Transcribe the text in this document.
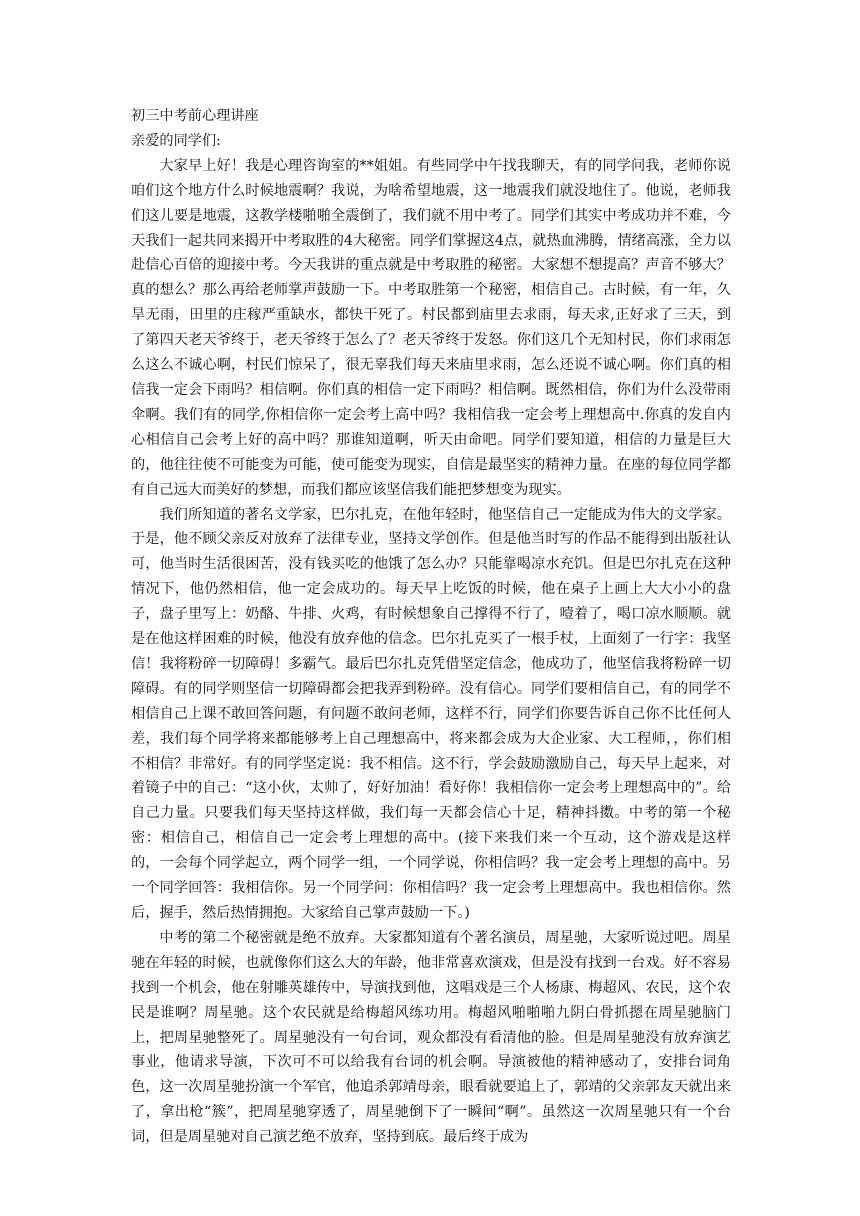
初三中考前心理讲座

亲爱的同学们:

大家早上好！我是心理咨询室的**姐姐。有些同学中午找我聊天，有的同学问我，老师你说咱们这个地方什么时候地震啊？我说，为啥希望地震，这一地震我们就没地住了。他说，老师我们这儿要是地震，这教学楼啪啪全震倒了，我们就不用中考了。同学们其实中考成功并不难，今天我们一起共同来揭开中考取胜的4大秘密。同学们掌握这4点，就热血沸腾，情绪高涨，全力以赴信心百倍的迎接中考。今天我讲的重点就是中考取胜的秘密。大家想不想提高？声音不够大？真的想么？那么再给老师掌声鼓励一下。中考取胜第一个秘密，相信自己。古时候，有一年，久旱无雨，田里的庄稼严重缺水，都快干死了。村民都到庙里去求雨，每天求,正好求了三天，到了第四天老天爷终于，老天爷终于怎么了？老天爷终于发怒。你们这几个无知村民，你们求雨怎么这么不诚心啊，村民们惊呆了，很无辜我们每天来庙里求雨，怎么还说不诚心啊。你们真的相信我一定会下雨吗？相信啊。你们真的相信一定下雨吗？相信啊。既然相信，你们为什么没带雨伞啊。我们有的同学,你相信你一定会考上高中吗？我相信我一定会考上理想高中.你真的发自内心相信自己会考上好的高中吗？那谁知道啊，听天由命吧。同学们要知道，相信的力量是巨大的，他往往使不可能变为可能，使可能变为现实，自信是最坚实的精神力量。在座的每位同学都有自己远大而美好的梦想，而我们都应该坚信我们能把梦想变为现实。

我们所知道的著名文学家，巴尔扎克，在他年轻时，他坚信自己一定能成为伟大的文学家。于是，他不顾父亲反对放弃了法律专业，坚持文学创作。但是他当时写的作品不能得到出版社认可，他当时生活很困苦，没有钱买吃的他饿了怎么办？只能靠喝凉水充饥。但是巴尔扎克在这种情况下，他仍然相信，他一定会成功的。每天早上吃饭的时候，他在桌子上画上大大小小的盘子，盘子里写上：奶酪、牛排、火鸡，有时候想象自己撑得不行了，噎着了，喝口凉水顺顺。就是在他这样困难的时候，他没有放弃他的信念。巴尔扎克买了一根手杖，上面刻了一行字：我坚信！我将粉碎一切障碍！多霸气。最后巴尔扎克凭借坚定信念，他成功了，他坚信我将粉碎一切障碍。有的同学则坚信一切障碍都会把我弄到粉碎。没有信心。同学们要相信自己，有的同学不相信自己上课不敢回答问题，有问题不敢问老师，这样不行，同学们你要告诉自己你不比任何人差，我们每个同学将来都能够考上自己理想高中，将来都会成为大企业家、大工程师，，你们相不相信？非常好。有的同学坚定说：我不相信。这不行，学会鼓励激励自己，每天早上起来，对着镜子中的自己：“这小伙，太帅了，好好加油！看好你！我相信你一定会考上理想高中的”。给自己力量。只要我们每天坚持这样做，我们每一天都会信心十足，精神抖擞。中考的第一个秘密：相信自己，相信自己一定会考上理想的高中。(接下来我们来一个互动，这个游戏是这样的，一会每个同学起立，两个同学一组，一个同学说，你相信吗？我一定会考上理想的高中。另一个同学回答：我相信你。另一个同学问：你相信吗？我一定会考上理想高中。我也相信你。然后，握手，然后热情拥抱。大家给自己掌声鼓励一下。)

中考的第二个秘密就是绝不放弃。大家都知道有个著名演员，周星驰，大家听说过吧。周星驰在年轻的时候，也就像你们这么大的年龄，他非常喜欢演戏，但是没有找到一台戏。好不容易找到一个机会，他在射雕英雄传中，导演找到他，这唱戏是三个人杨康、梅超风、农民，这个农民是谁啊？周星驰。这个农民就是给梅超风练功用。梅超风啪啪啪九阴白骨抓摁在周星驰脑门上，把周星驰整死了。周星驰没有一句台词，观众都没有看清他的脸。但是周星驰没有放弃演艺事业，他请求导演，下次可不可以给我有台词的机会啊。导演被他的精神感动了，安排台词角色，这一次周星驰扮演一个军官，他追杀郭靖母亲，眼看就要追上了，郭靖的父亲郭友天就出来了，拿出枪“簇”，把周星驰穿透了，周星驰倒下了一瞬间“啊”。虽然这一次周星驰只有一个台词，但是周星驰对自己演艺绝不放弃，坚持到底。最后终于成为
